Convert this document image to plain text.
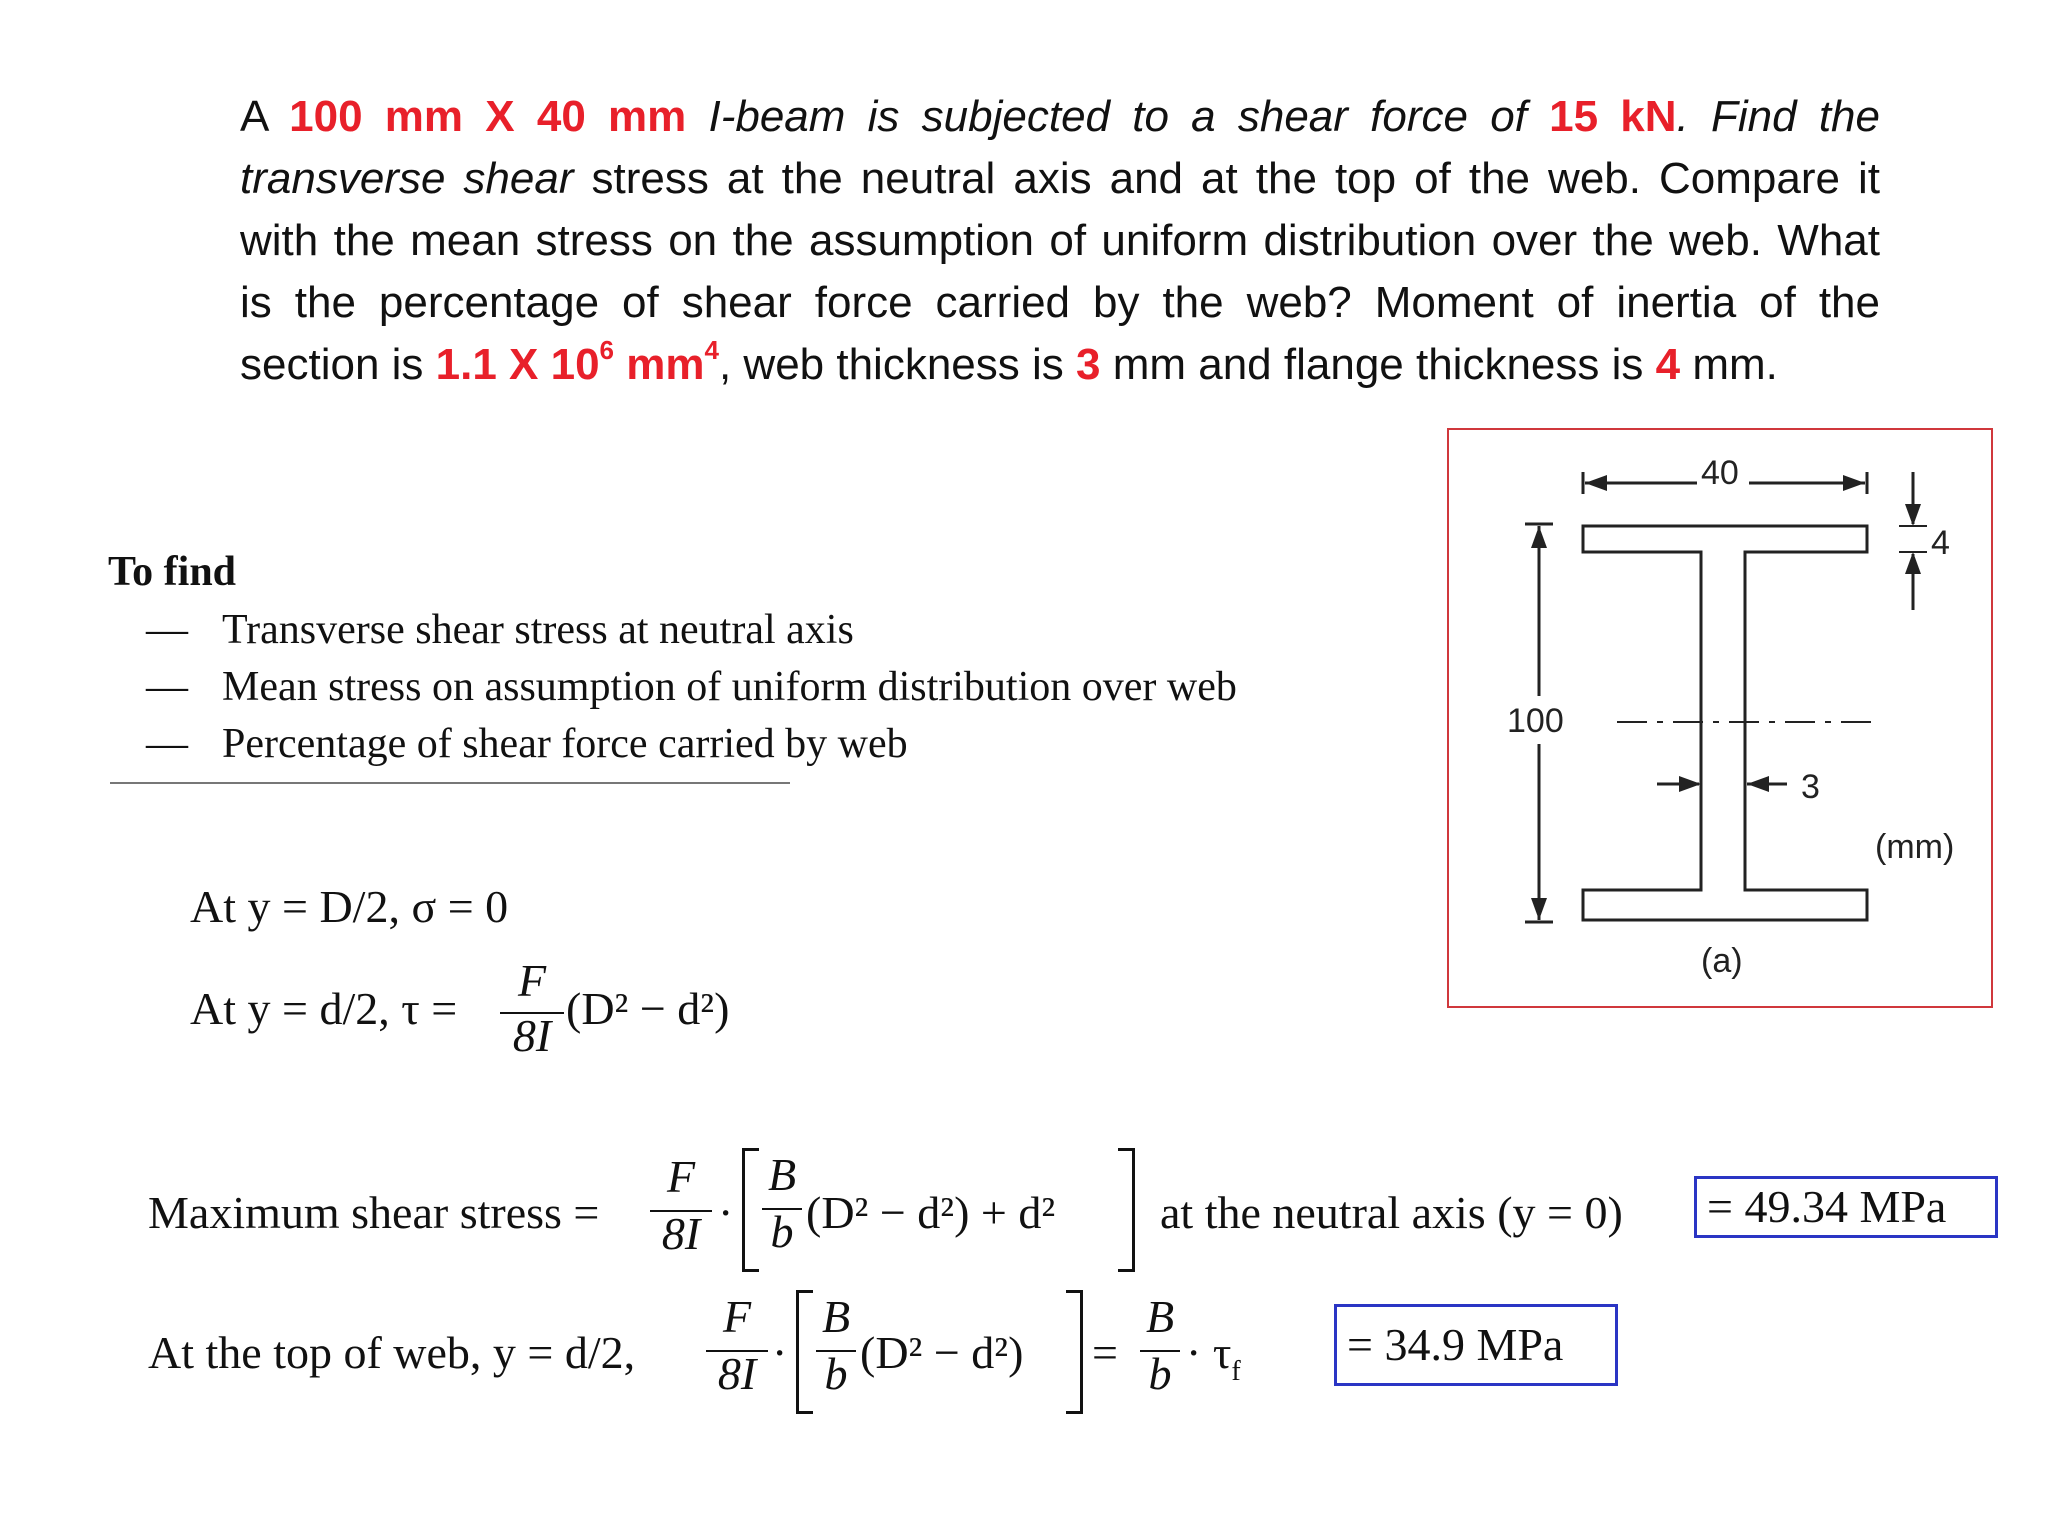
A 100 mm X 40 mm I-beam is subjected to a shear force of 15 kN. Find the transverse shear stress at the neutral axis and at the top of the web. Compare it with the mean stress on the assumption of uniform distribution over the web. What is the percentage of shear force carried by the web? Moment of inertia of the section is 1.1 X $10^6$ $mm^4$, web thickness is 3 mm and flange thickness is 4 mm.
To find
— Transverse shear stress at neutral axis
— Mean stress on assumption of uniform distribution over web
— Percentage of shear force carried by web
At y = D/2, σ = 0
At y = d/2, τ =
F
8I
(D² − d²)
Maximum shear stress =
F
8I ·
B
b (D² − d²) + d² at the neutral axis (y = 0) = 49.34 MPa
At the top of web, y = d/2,
F
8I ·
B
b (D² − d²) =
B
$b \cdot \tau_f$
= 34.9 MPa
40
100
4
3
(mm)
(a)
